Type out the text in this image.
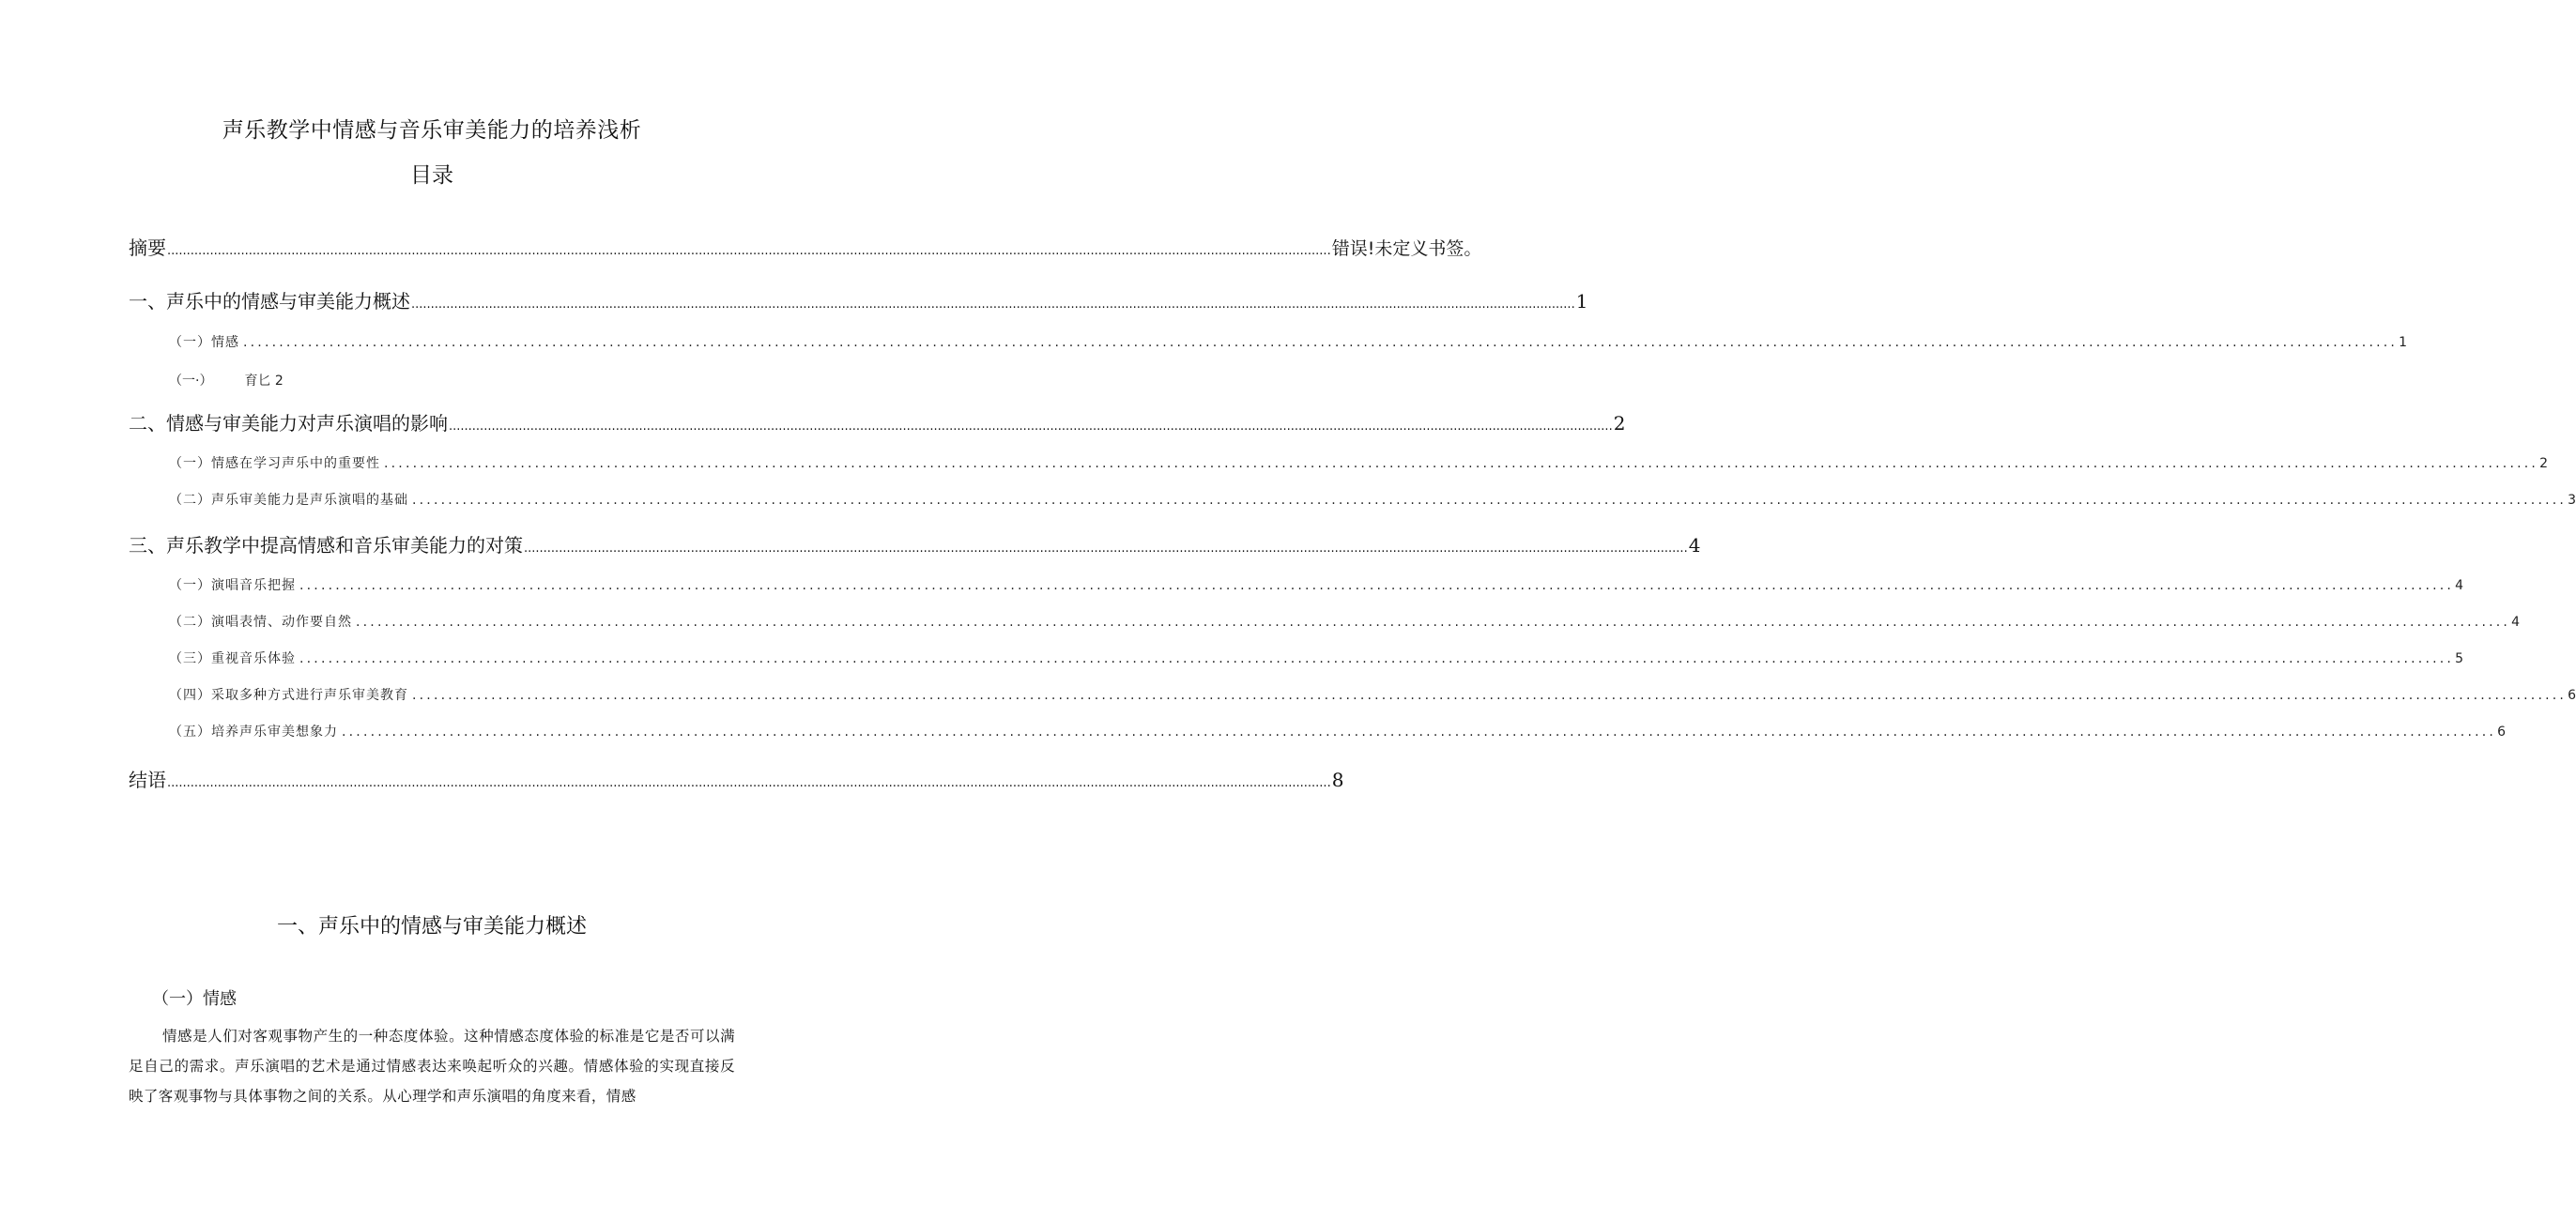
声乐教学中情感与音乐审美能力的培养浅析
目录
摘要 ............................................................................................................................................................................................................................................................................................................ 错误!未定义书签。
一、声乐中的情感与审美能力概述 ............................................................................................................................................................................................................................................................................................................ 1
（一）情感 ............................................................................................................................................................................................................................................................................................................ 1
二、情感与审美能力对声乐演唱的影响 ............................................................................................................................................................................................................................................................................................................ 2
（一）情感在学习声乐中的重要性 ............................................................................................................................................................................................................................................................................................................ 2
（二）声乐审美能力是声乐演唱的基础 ............................................................................................................................................................................................................................................................................................................ 3
三、声乐教学中提高情感和音乐审美能力的对策 ............................................................................................................................................................................................................................................................................................................ 4
（一）演唱音乐把握 ............................................................................................................................................................................................................................................................................................................ 4
（二）演唱表情、动作要自然 ............................................................................................................................................................................................................................................................................................................ 4
（三）重视音乐体验 ............................................................................................................................................................................................................................................................................................................ 5
（四）采取多种方式进行声乐审美教育 ............................................................................................................................................................................................................................................................................................................ 6
（五）培养声乐审美想象力 ............................................................................................................................................................................................................................................................................................................ 6
结语 ............................................................................................................................................................................................................................................................................................................ 8
（一·） 育匕 2
一、声乐中的情感与审美能力概述
（一）情感
情感是人们对客观事物产生的一种态度体验。这种情感态度体验的标准是它是否可以满足自己的需求。声乐演唱的艺术是通过情感表达来唤起听众的兴趣。情感体验的实现直接反映了客观事物与具体事物之间的关系。从心理学和声乐演唱的角度来看，情感
